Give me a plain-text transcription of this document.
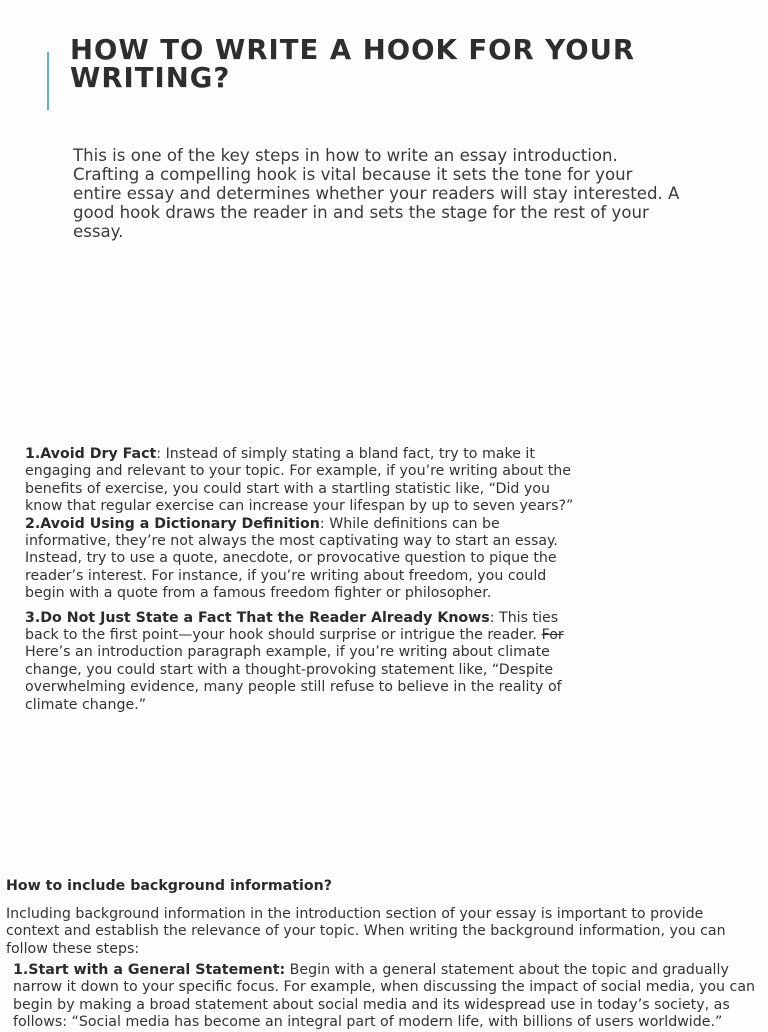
HOW TO WRITE A HOOK FOR YOUR WRITING?

This is one of the key steps in how to write an essay introduction. Crafting a compelling hook is vital because it sets the tone for your entire essay and determines whether your readers will stay interested. A good hook draws the reader in and sets the stage for the rest of your essay.

1.Avoid Dry Fact: Instead of simply stating a bland fact, try to make it engaging and relevant to your topic. For example, if you’re writing about the benefits of exercise, you could start with a startling statistic like, “Did you know that regular exercise can increase your lifespan by up to seven years?”

2.Avoid Using a Dictionary Definition: While definitions can be informative, they’re not always the most captivating way to start an essay. Instead, try to use a quote, anecdote, or provocative question to pique the reader’s interest. For instance, if you’re writing about freedom, you could begin with a quote from a famous freedom fighter or philosopher.

3.Do Not Just State a Fact That the Reader Already Knows: This ties back to the first point—your hook should surprise or intrigue the reader. For Here’s an introduction paragraph example, if you’re writing about climate change, you could start with a thought-provoking statement like, “Despite overwhelming evidence, many people still refuse to believe in the reality of climate change.”

How to include background information?

Including background information in the introduction section of your essay is important to provide context and establish the relevance of your topic. When writing the background information, you can follow these steps:

1.Start with a General Statement: Begin with a general statement about the topic and gradually narrow it down to your specific focus. For example, when discussing the impact of social media, you can begin by making a broad statement about social media and its widespread use in today’s society, as follows: “Social media has become an integral part of modern life, with billions of users worldwide.”
